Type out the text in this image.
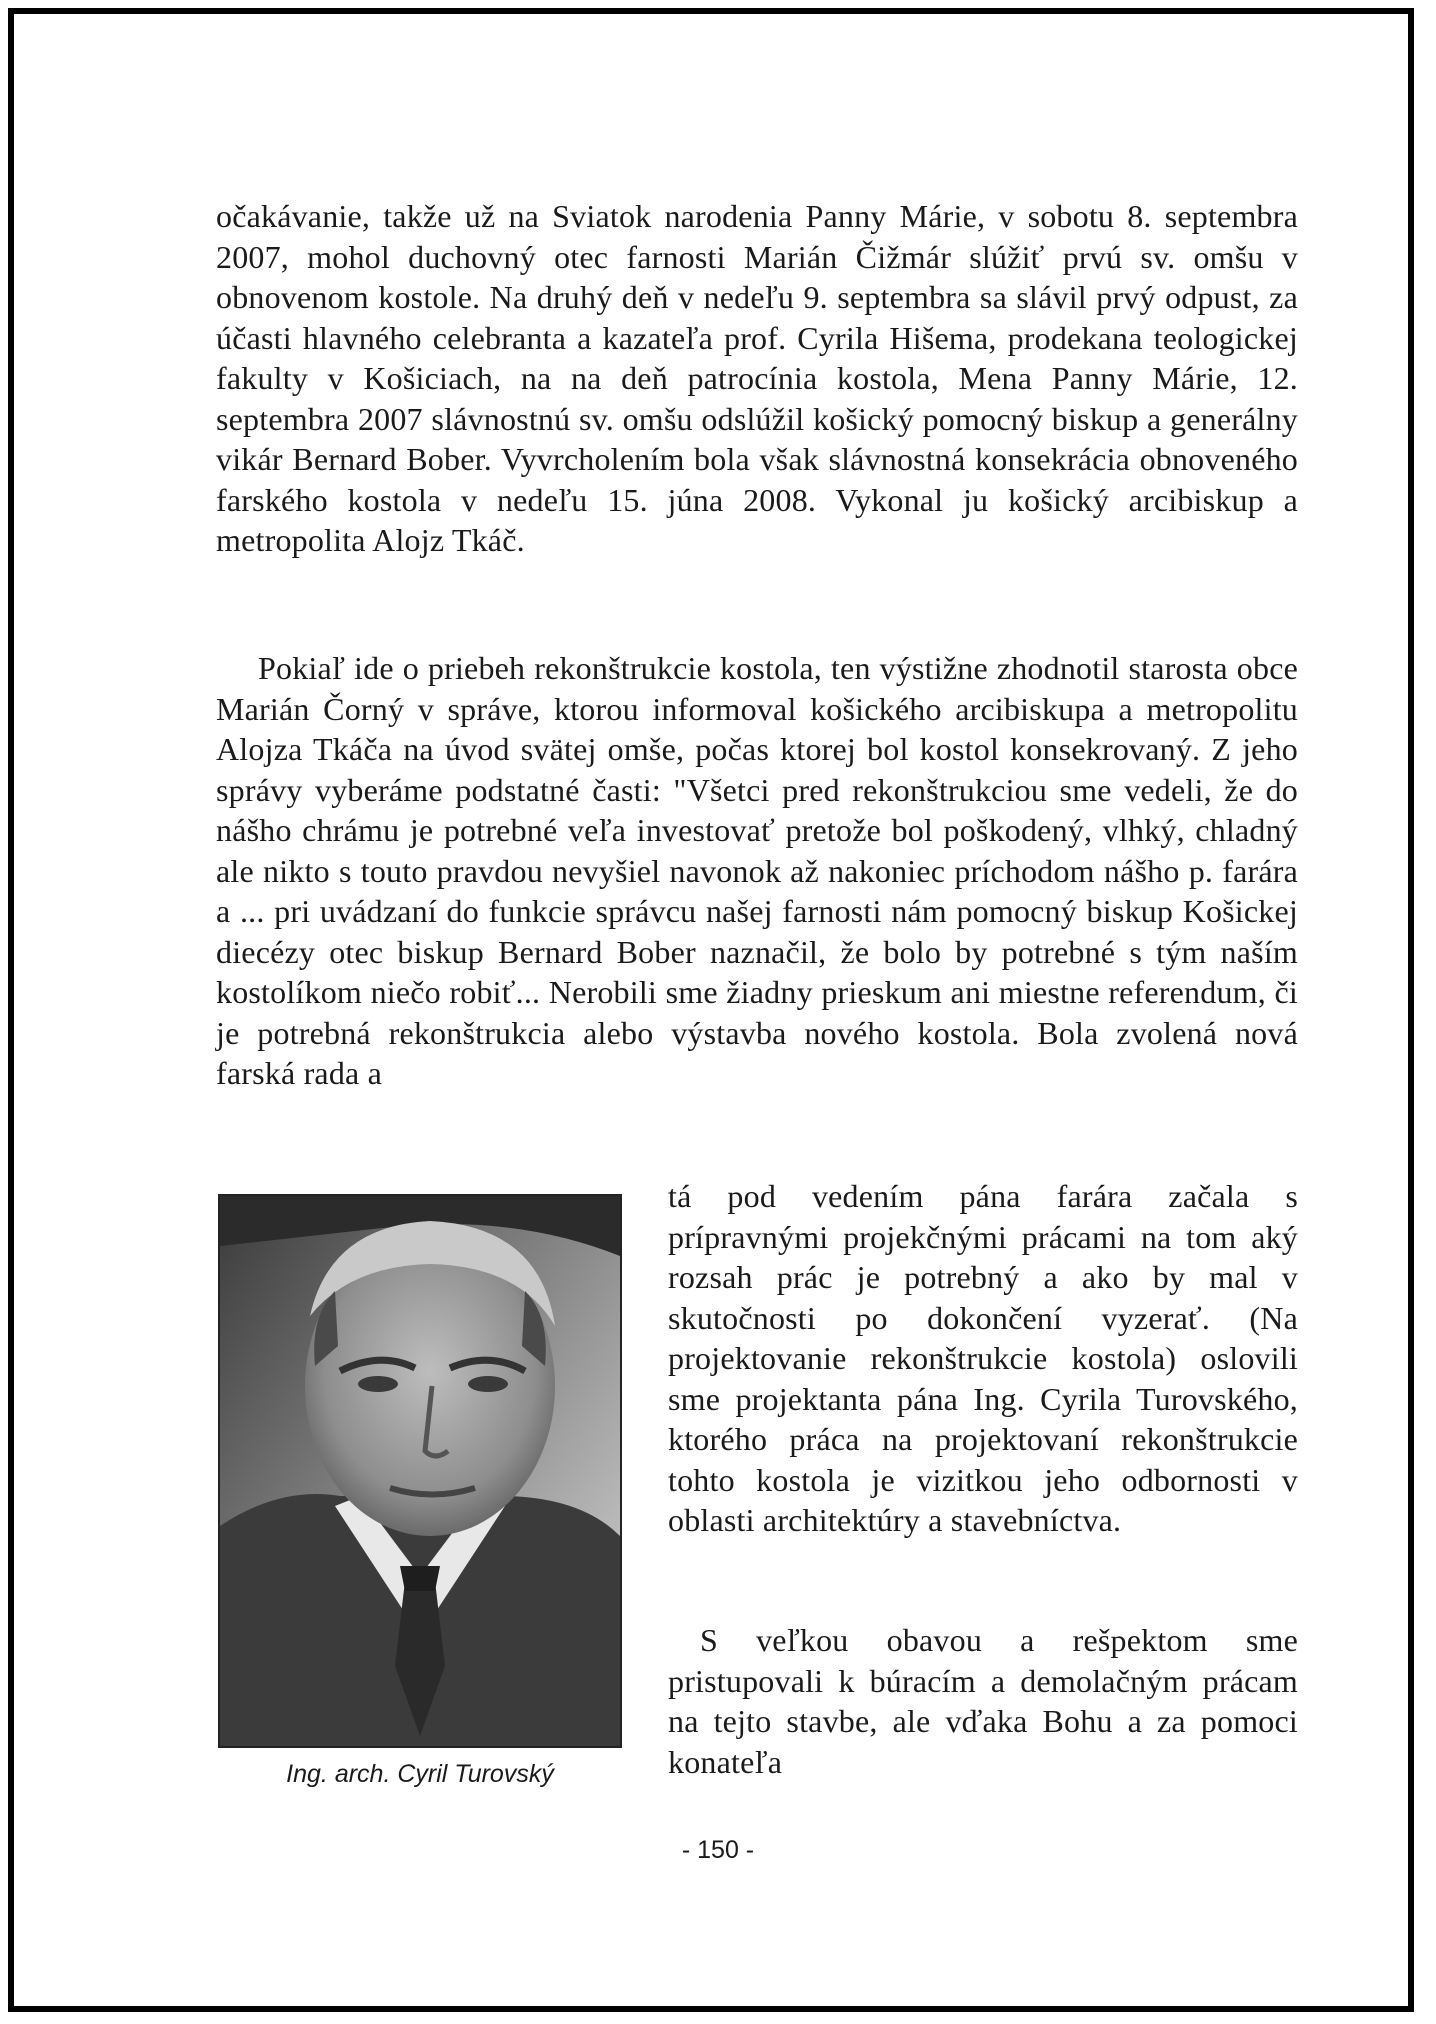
očakávanie, takže už na Sviatok narodenia Panny Márie, v sobotu 8. septembra 2007, mohol duchovný otec farnosti Marián Čižmár slúžiť prvú sv. omšu v obnovenom kostole. Na druhý deň v nedeľu 9. septembra sa slávil prvý odpust, za účasti hlavného celebranta a kazateľa prof. Cyrila Hišema, prodekana teologickej fakulty v Košiciach, na na deň patrocínia kostola, Mena Panny Márie, 12. septembra 2007 slávnostnú sv. omšu odslúžil košický pomocný biskup a generálny vikár Bernard Bober. Vyvrcholením bola však slávnostná konsekrácia obnoveného farského kostola v nedeľu 15. júna 2008. Vykonal ju košický arcibiskup a metropolita Alojz Tkáč.

Pokiaľ ide o priebeh rekonštrukcie kostola, ten výstižne zhodnotil starosta obce Marián Čorný v správe, ktorou informoval košického arcibiskupa a metropolitu Alojza Tkáča na úvod svätej omše, počas ktorej bol kostol konsekrovaný. Z jeho správy vyberáme podstatné časti: "Všetci pred rekonštrukciou sme vedeli, že do nášho chrámu je potrebné veľa investovať pretože bol poškodený, vlhký, chladný ale nikto s touto pravdou nevyšiel navonok až nakoniec príchodom nášho p. farára a ... pri uvádzaní do funkcie správcu našej farnosti nám pomocný biskup Košickej diecézy otec biskup Bernard Bober naznačil, že bolo by potrebné s tým naším kostolíkom niečo robiť... Nerobili sme žiadny prieskum ani miestne referendum, či je potrebná rekonštrukcia alebo výstavba nového kostola. Bola zvolená nová farská rada a

Ing. arch. Cyril Turovský

tá pod vedením pána farára začala s prípravnými projekčnými prácami na tom aký rozsah prác je potrebný a ako by mal v skutočnosti po dokončení vyzerať. (Na projektovanie rekonštrukcie kostola) oslovili sme projektanta pána Ing. Cyrila Turovského, ktorého práca na projektovaní rekonštrukcie tohto kostola je vizitkou jeho odbornosti v oblasti architektúry a stavebníctva.

S veľkou obavou a rešpektom sme pristupovali k búracím a demolačným prácam na tejto stavbe, ale vďaka Bohu a za pomoci konateľa

- 150 -
